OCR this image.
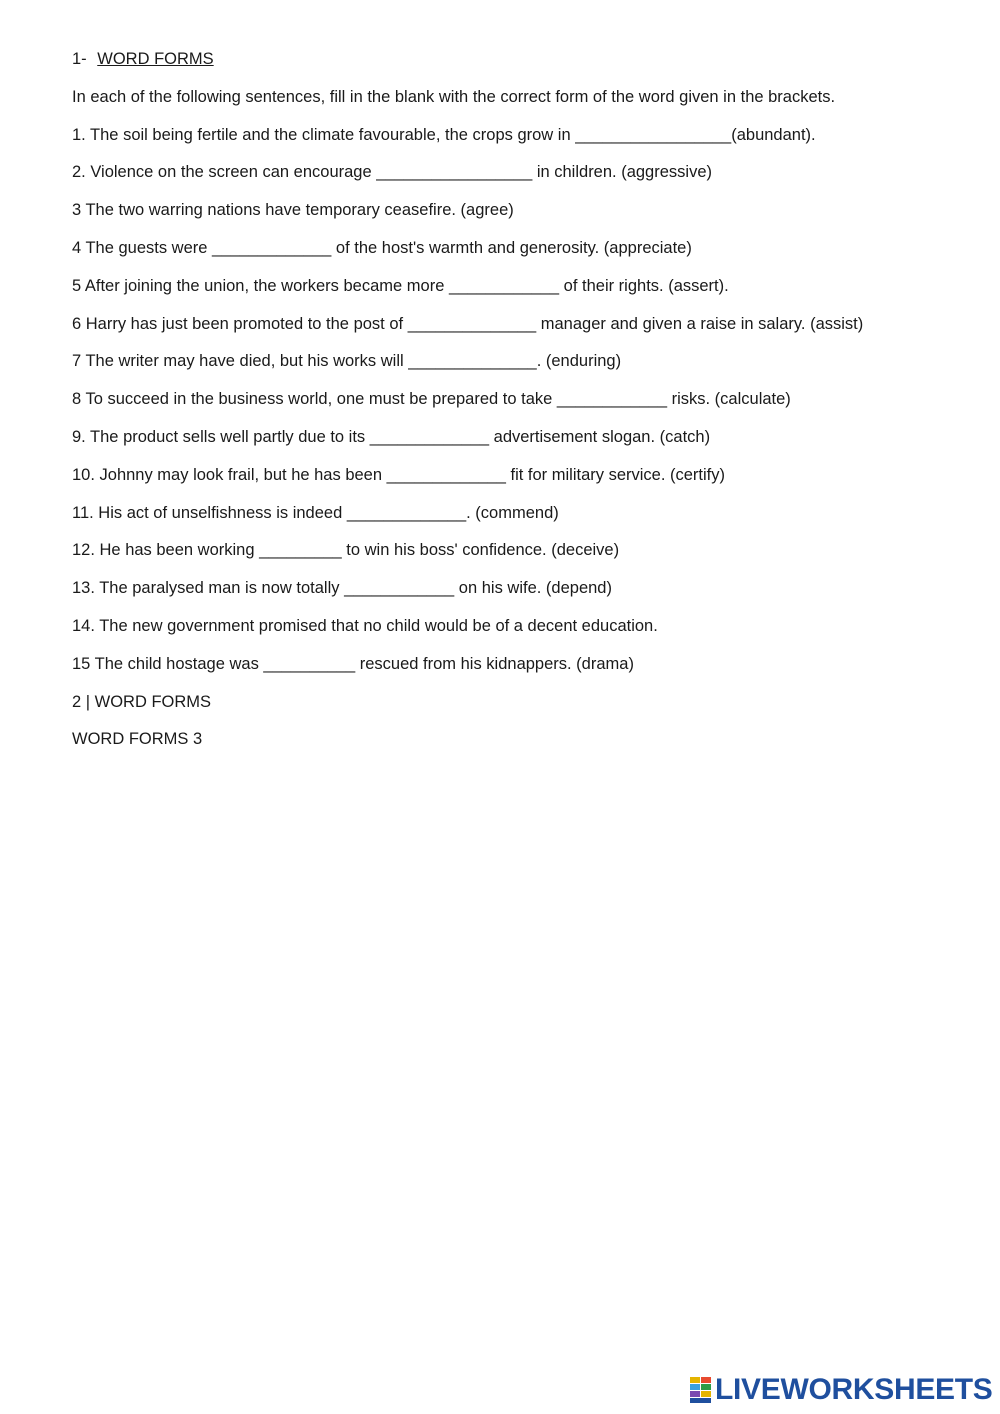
1- WORD FORMS
In each of the following sentences, fill in the blank with the correct form of the word given in the brackets.
1. The soil being fertile and the climate favourable, the crops grow in _________________(abundant).
2. Violence on the screen can encourage _________________ in children. (aggressive)
3 The two warring nations have temporary ceasefire. (agree)
4 The guests were _____________ of the host's warmth and generosity. (appreciate)
5 After joining the union, the workers became more ____________ of their rights. (assert).
6 Harry has just been promoted to the post of ______________ manager and given a raise in salary. (assist)
7 The writer may have died, but his works will ______________. (enduring)
8 To succeed in the business world, one must be prepared to take ____________ risks. (calculate)
9. The product sells well partly due to its _____________ advertisement slogan. (catch)
10. Johnny may look frail, but he has been _____________ fit for military service. (certify)
11. His act of unselfishness is indeed _____________. (commend)
12. He has been working _________ to win his boss' confidence. (deceive)
13. The paralysed man is now totally ____________ on his wife. (depend)
14. The new government promised that no child would be of a decent education.
15 The child hostage was __________ rescued from his kidnappers. (drama)
2 | WORD FORMS
WORD FORMS 3
LIVEWORKSHEETS
